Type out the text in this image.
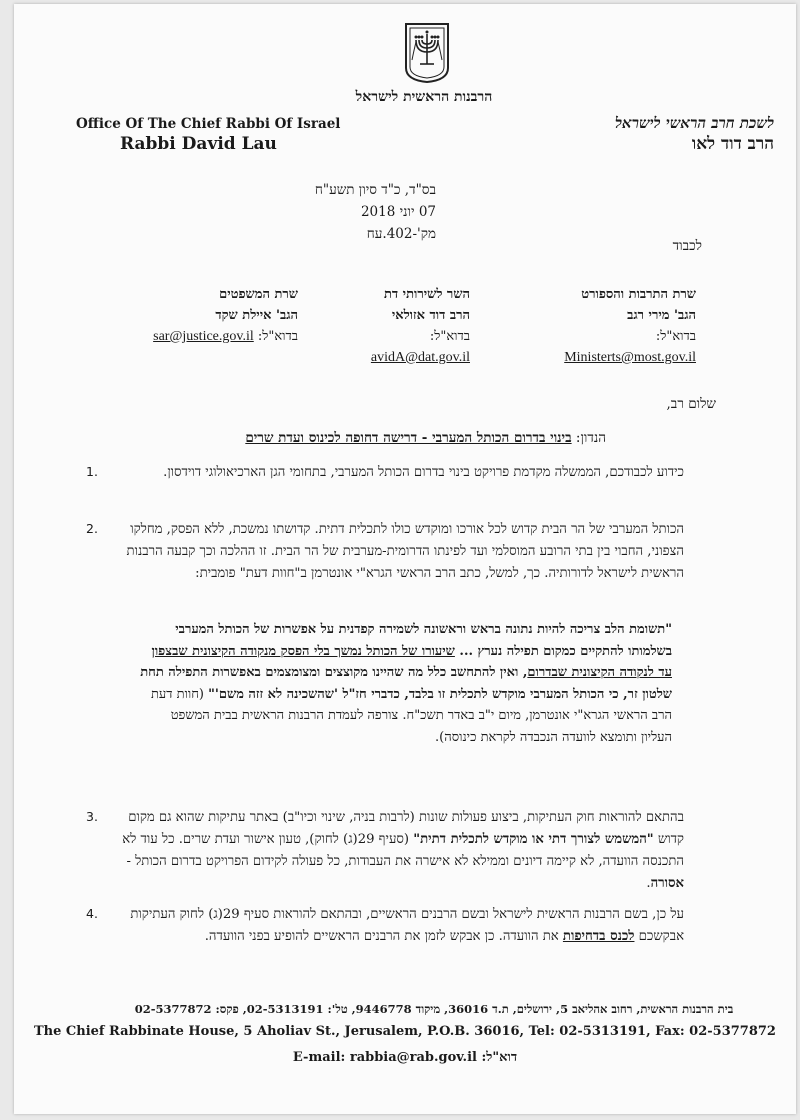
הרבנות הראשית לישראל
Office Of The Chief Rabbi Of Israel
Rabbi David Lau
לשכת חרב הראשי לישראל
הרב דוד לאו
בס"ד, כ"ד סיון תשע"ח
07 יוני 2018
מק'-402.עח
לכבוד
שרת התרבות והספורט
הגב' מירי רגב
בדוא"ל:
Ministerts@most.gov.il
השר לשירותי דת
הרב דוד אזולאי
בדוא"ל:
avidA@dat.gov.il
שרת המשפטים
הגב' איילת שקד
בדוא"ל: sar@justice.gov.il
שלום רב,
הנדון: בינוי בדרום הכותל המערבי - דרישה דחופה לכינוס ועדת שרים
1.	כידוע לכבודכם, הממשלה מקדמת פרויקט בינוי בדרום הכותל המערבי, בתחומי הגן הארכיאולוגי דוידסון.
2.	הכותל המערבי של הר הבית קדוש לכל אורכו ומוקדש כולו לתכלית דתית. קדושתו נמשכת, ללא הפסק, מחלקו הצפוני, החבוי בין בתי הרובע המוסלמי ועד לפינתו הדרומית-מערבית של הר הבית. זו ההלכה וכך קבעה הרבנות הראשית לישראל לדורותיה. כך, למשל, כתב הרב הראשי הגרא"י אונטרמן ב"חוות דעת" פומבית:
"תשומת הלב צריכה להיות נתונה בראש וראשונה לשמירה קפדנית על אפשרות של הכותל המערבי בשלמותו להתקיים כמקום תפילה נערץ ... שיעורו של הכותל נמשך בלי הפסק מנקודה הקיצונית שבצפון עד לנקודה הקיצונית שבדרום, ואין להתחשב כלל מה שהיינו מקוצצים ומצומצמים באפשרות התפילה תחת שלטון זר, כי הכותל המערבי מוקדש לתכלית זו בלבד, כדברי חז"ל 'שהשכינה לא זזה משם'" (חוות דעת הרב הראשי הגרא"י אונטרמן, מיום י"ב באדר תשכ"ח. צורפה לעמדת הרבנות הראשית בבית המשפט העליון ותומצא לוועדה הנכבדה לקראת כינוסה).
3.	בהתאם להוראות חוק העתיקות, ביצוע פעולות שונות (לרבות בניה, שינוי וכיו"ב) באתר עתיקות שהוא גם מקום קדוש "המשמש לצורך דתי או מוקדש לתכלית דתית" (סעיף 29(ג) לחוק), טעון אישור ועדת שרים. כל עוד לא התכנסה הוועדה, לא קיימה דיונים וממילא לא אישרה את העבודות, כל פעולה לקידום הפרויקט בדרום הכותל - אסורה.
4.	על כן, בשם הרבנות הראשית לישראל ובשם הרבנים הראשיים, ובהתאם להוראות סעיף 29(ג) לחוק העתיקות אבקשכם לכנס בדחיפות את הוועדה. כן אבקש לזמן את הרבנים הראשיים להופיע בפני הוועדה.
בית הרבנות הראשית, רחוב אהליאב 5, ירושלים, ת.ד 36016, מיקוד 9446778, טל': 02-5313191, פקס: 02-5377872
The Chief Rabbinate House, 5 Aholiav St., Jerusalem, P.O.B. 36016, Tel: 02-5313191, Fax: 02-5377872
E-mail: rabbia@rab.gov.il דוא"ל:
